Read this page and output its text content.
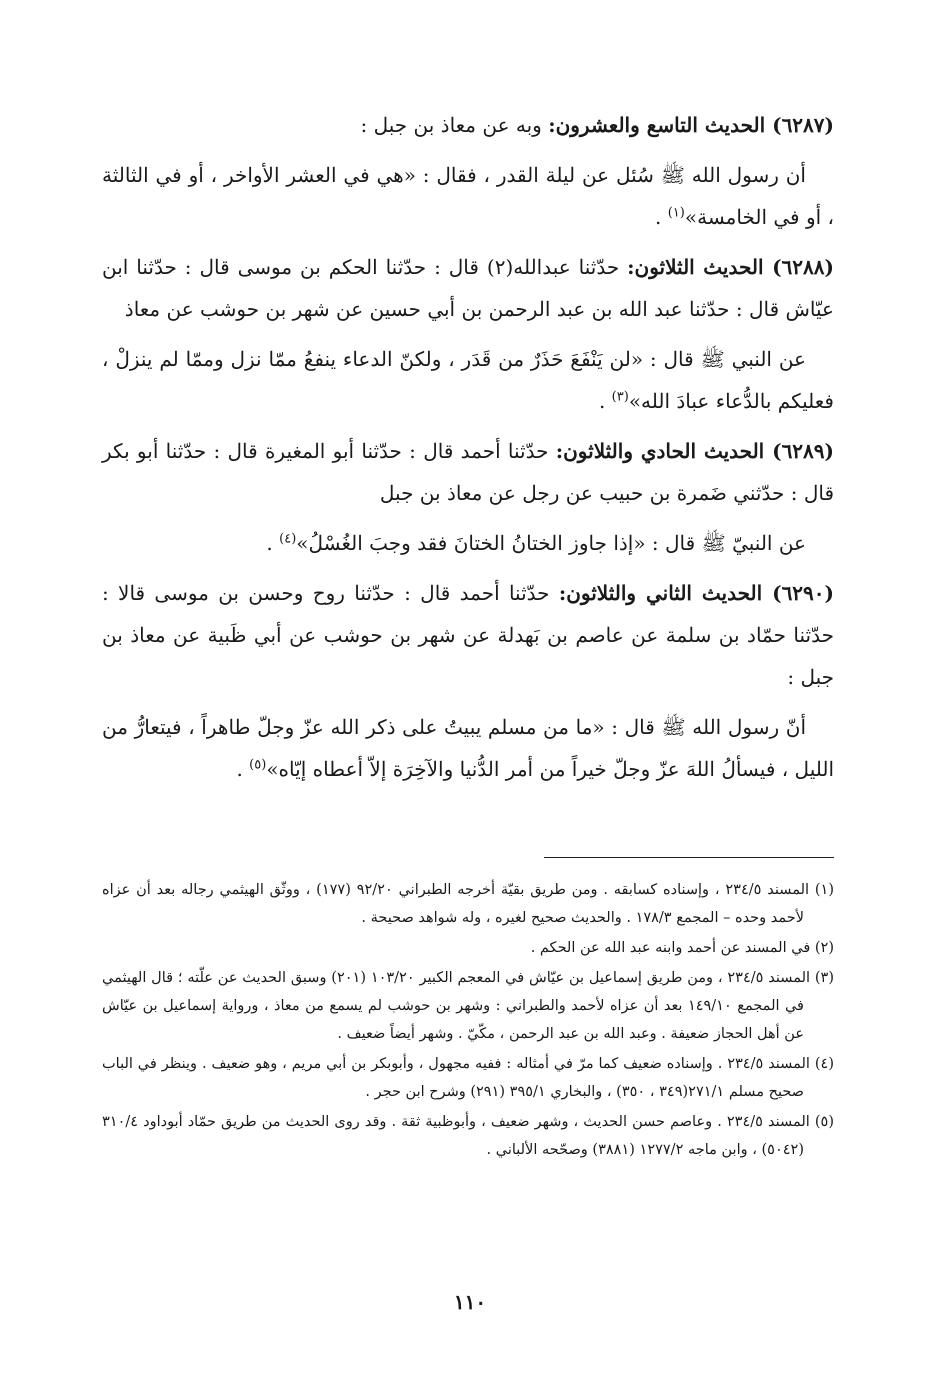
(٦٢٨٧) الحديث التاسع والعشرون: وبه عن معاذ بن جبل :
أن رسول الله ﷺ سُئل عن ليلة القدر ، فقال : «هي في العشر الأواخر ، أو في الثالثة ، أو في الخامسة»$^{(١)}$ .

(٦٢٨٨) الحديث الثلاثون: حدّثنا عبدالله(٢) قال : حدّثنا الحكم بن موسى قال : حدّثنا ابن عيّاش قال : حدّثنا عبد الله بن عبد الرحمن بن أبي حسين عن شهر بن حوشب عن معاذ
عن النبي ﷺ قال : «لن يَنْفَعَ حَذَرٌ من قَدَر ، ولكنّ الدعاء ينفعُ ممّا نزل وممّا لم ينزلْ ، فعليكم بالدُّعاء عبادَ الله»$^{(٣)}$ .

(٦٢٨٩) الحديث الحادي والثلاثون: حدّثنا أحمد قال : حدّثنا أبو المغيرة قال : حدّثنا أبو بكر قال : حدّثني ضَمرة بن حبيب عن رجل عن معاذ بن جبل
عن النبيّ ﷺ قال : «إذا جاوز الختانُ الختانَ فقد وجبَ الغُسْلُ»$^{(٤)}$ .

(٦٢٩٠) الحديث الثاني والثلاثون: حدّثنا أحمد قال : حدّثنا روح وحسن بن موسى قالا : حدّثنا حمّاد بن سلمة عن عاصم بن بَهدلة عن شهر بن حوشب عن أبي ظَبية عن معاذ بن جبل :
أنّ رسول الله ﷺ قال : «ما من مسلم يبيتُ على ذكر الله عزّ وجلّ طاهراً ، فيتعارُّ من الليل ، فيسألُ اللهَ عزّ وجلّ خيراً من أمر الدُّنيا والآخِرَة إلاّ أعطاه إيّاه»$^{(٥)}$ .

(١) المسند ٢٣٤/٥ ، وإسناده كسابقه . ومن طريق بقيّة أخرجه الطبراني ٩٢/٢٠ (١٧٧) ، ووثّق الهيثمي رجاله بعد أن عزاه لأحمد وحده – المجمع ١٧٨/٣ . والحديث صحيح لغيره ، وله شواهد صحيحة .

(٢) في المسند عن أحمد وابنه عبد الله عن الحكم .

(٣) المسند ٢٣٤/٥ ، ومن طريق إسماعيل بن عيّاش في المعجم الكبير ١٠٣/٢٠ (٢٠١) وسبق الحديث عن علّته ؛ قال الهيثمي في المجمع ١٤٩/١٠ بعد أن عزاه لأحمد والطبراني : وشهر بن حوشب لم يسمع من معاذ ، ورواية إسماعيل بن عيّاش عن أهل الحجاز ضعيفة . وعبد الله بن عبد الرحمن ، مكّيّ . وشهر أيضاً ضعيف .

(٤) المسند ٢٣٤/٥ . وإسناده ضعيف كما مرّ في أمثاله : ففيه مجهول ، وأبوبكر بن أبي مريم ، وهو ضعيف . وينظر في الباب صحيح مسلم ٢٧١/١(٣٤٩ ، ٣٥٠) ، والبخاري ٣٩٥/١ (٢٩١) وشرح ابن حجر .

(٥) المسند ٢٣٤/٥ . وعاصم حسن الحديث ، وشهر ضعيف ، وأبوظبية ثقة . وقد روى الحديث من طريق حمّاد أبوداود ٣١٠/٤ (٥٠٤٢) ، وابن ماجه ١٢٧٧/٢ (٣٨٨١) وصحّحه الألباني .

١١٠
